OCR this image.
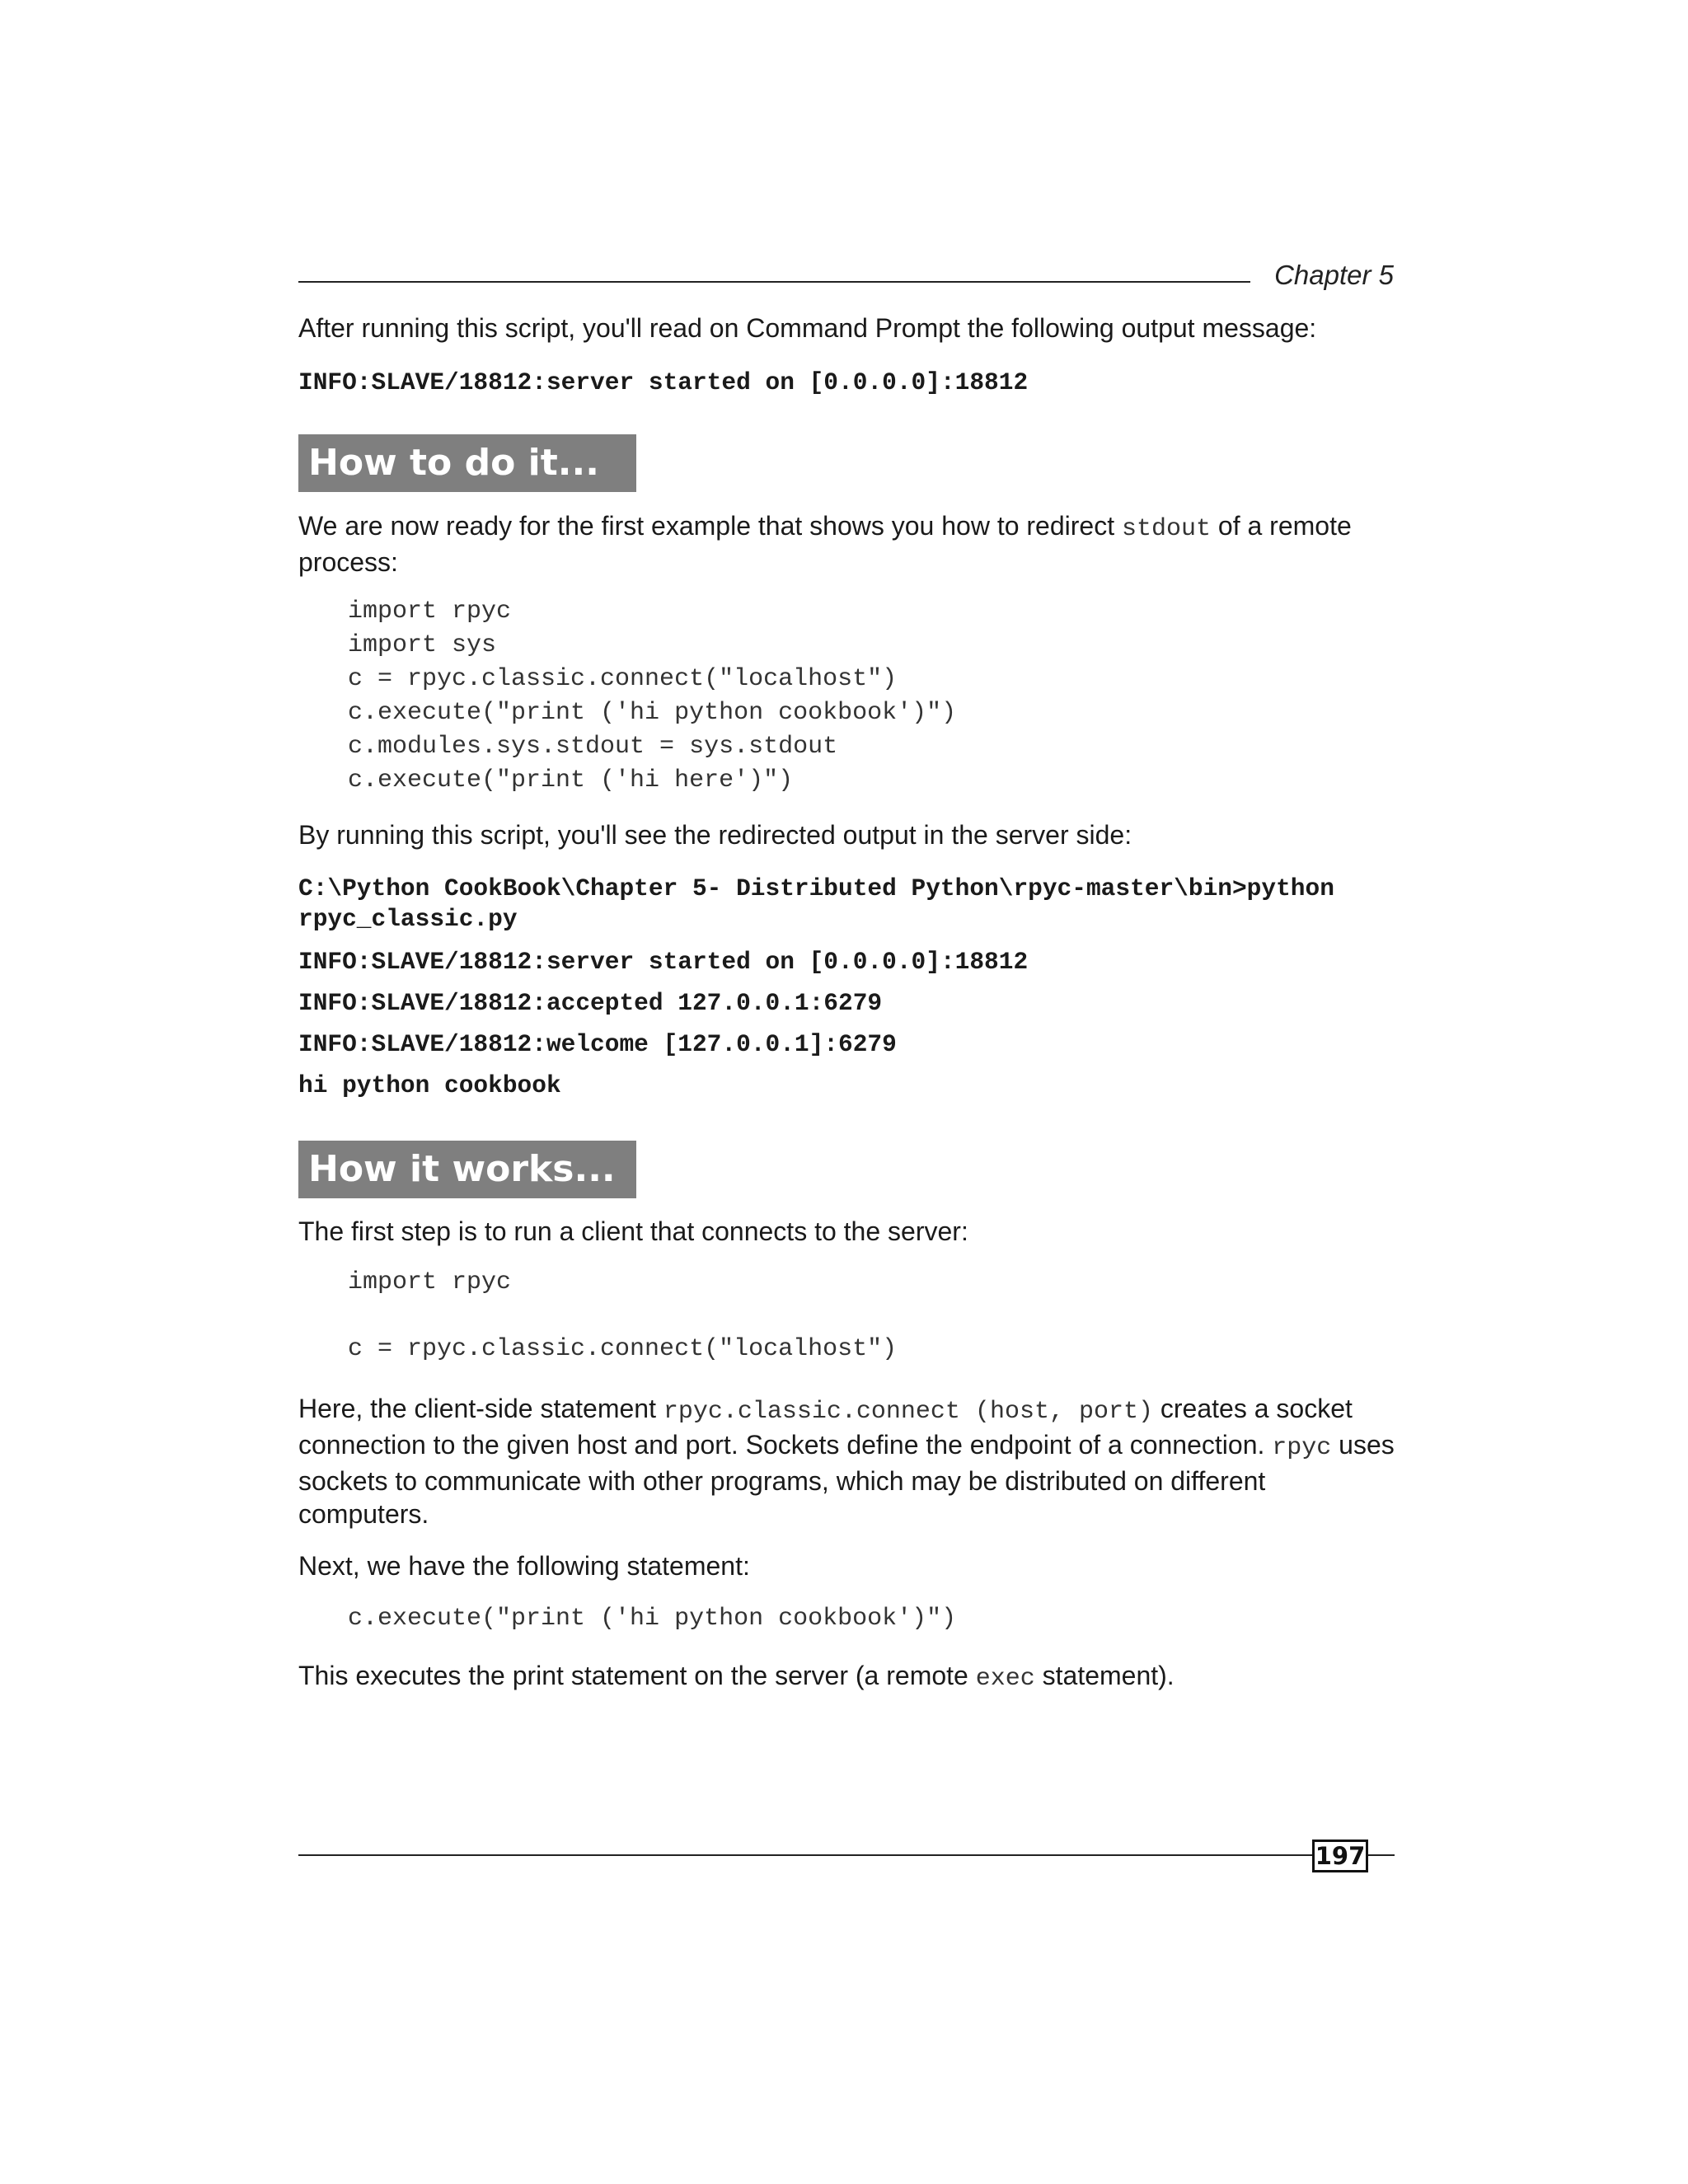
Chapter 5

After running this script, you'll read on Command Prompt the following output message:

INFO:SLAVE/18812:server started on [0.0.0.0]:18812

How to do it...

We are now ready for the first example that shows you how to redirect stdout of a remote process:

import rpyc
import sys
c = rpyc.classic.connect("localhost")
c.execute("print ('hi python cookbook')")
c.modules.sys.stdout = sys.stdout
c.execute("print ('hi here')")

By running this script, you'll see the redirected output in the server side:

C:\Python CookBook\Chapter 5- Distributed Python\rpyc-master\bin>python rpyc_classic.py

INFO:SLAVE/18812:server started on [0.0.0.0]:18812

INFO:SLAVE/18812:accepted 127.0.0.1:6279

INFO:SLAVE/18812:welcome [127.0.0.1]:6279

hi python cookbook

How it works...

The first step is to run a client that connects to the server:

import rpyc
c = rpyc.classic.connect("localhost")

Here, the client-side statement rpyc.classic.connect (host, port) creates a socket connection to the given host and port. Sockets define the endpoint of a connection. rpyc uses sockets to communicate with other programs, which may be distributed on different computers.

Next, we have the following statement:

c.execute("print ('hi python cookbook')")

This executes the print statement on the server (a remote exec statement).

197
